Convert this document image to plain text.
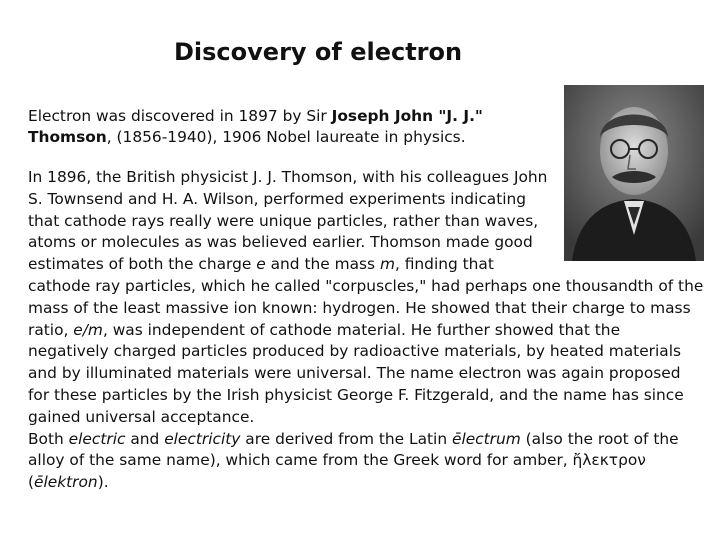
Discovery of electron
Electron was discovered in 1897 by Sir Joseph John "J. J."
Thomson, (1856-1940), 1906 Nobel laureate in physics.
In 1896, the British physicist J. J. Thomson, with his colleagues John S. Townsend and H. A. Wilson, performed experiments indicating that cathode rays really were unique particles, rather than waves, atoms or molecules as was believed earlier. Thomson made good estimates of both the charge e and the mass m, finding that cathode ray particles, which he called "corpuscles," had perhaps one thousandth of the mass of the least massive ion known: hydrogen. He showed that their charge to mass ratio, e/m, was independent of cathode material. He further showed that the negatively charged particles produced by radioactive materials, by heated materials and by illuminated materials were universal. The name electron was again proposed for these particles by the Irish physicist George F. Fitzgerald, and the name has since gained universal acceptance.
Both electric and electricity are derived from the Latin ēlectrum (also the root of the alloy of the same name), which came from the Greek word for amber, ἤλεκτρον (ēlektron).
